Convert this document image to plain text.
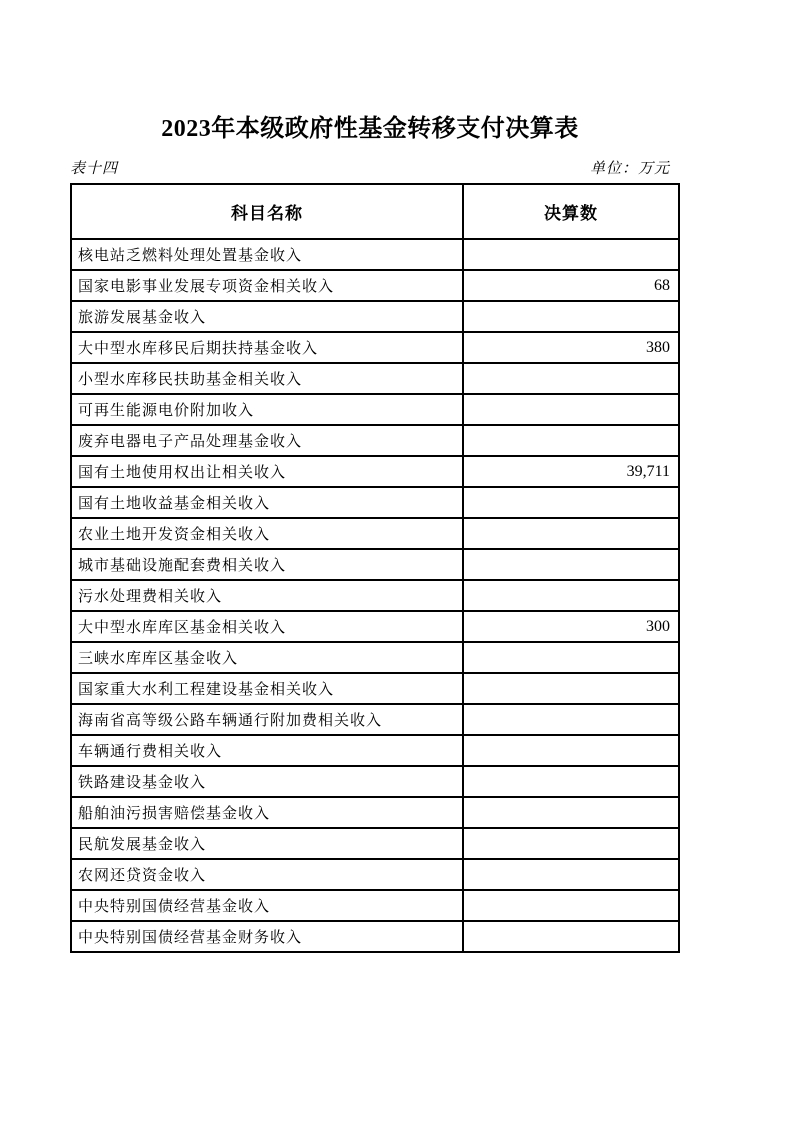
2023年本级政府性基金转移支付决算表
表十四	单位：万元
科目名称	决算数
核电站乏燃料处理处置基金收入	
国家电影事业发展专项资金相关收入	68
旅游发展基金收入	
大中型水库移民后期扶持基金收入	380
小型水库移民扶助基金相关收入	
可再生能源电价附加收入	
废弃电器电子产品处理基金收入	
国有土地使用权出让相关收入	39,711
国有土地收益基金相关收入	
农业土地开发资金相关收入	
城市基础设施配套费相关收入	
污水处理费相关收入	
大中型水库库区基金相关收入	300
三峡水库库区基金收入	
国家重大水利工程建设基金相关收入	
海南省高等级公路车辆通行附加费相关收入	
车辆通行费相关收入	
铁路建设基金收入	
船舶油污损害赔偿基金收入	
民航发展基金收入	
农网还贷资金收入	
中央特别国债经营基金收入	
中央特别国债经营基金财务收入	
